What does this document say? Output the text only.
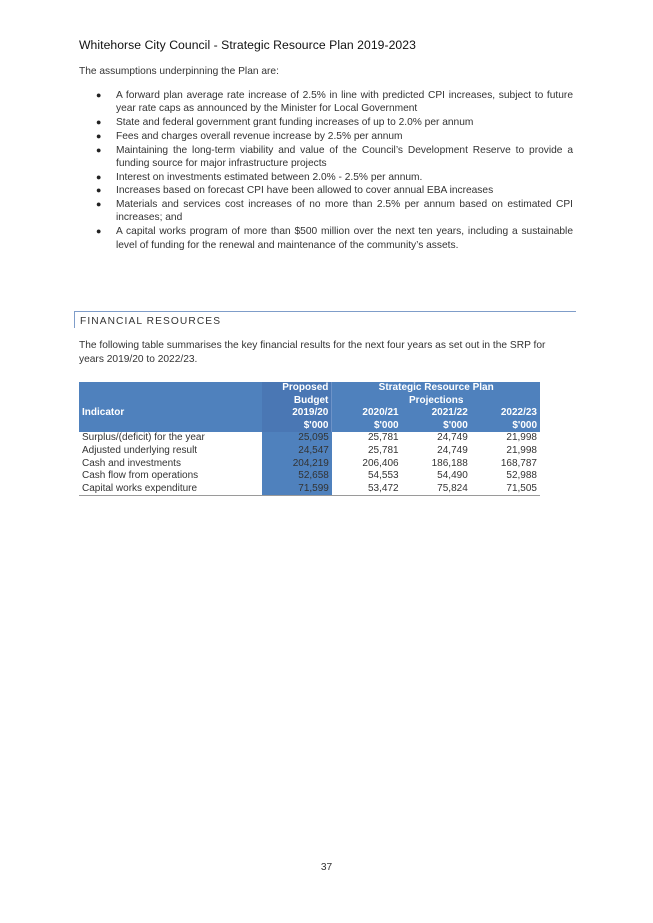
Whitehorse City Council - Strategic Resource Plan 2019-2023
The assumptions underpinning the Plan are:
● A forward plan average rate increase of 2.5% in line with predicted CPI increases, subject to future year rate caps as announced by the Minister for Local Government
● State and federal government grant funding increases of up to 2.0% per annum
● Fees and charges overall revenue increase by 2.5% per annum
● Maintaining the long-term viability and value of the Council’s Development Reserve to provide a funding source for major infrastructure projects
● Interest on investments estimated between 2.0% - 2.5% per annum.
● Increases based on forecast CPI have been allowed to cover annual EBA increases
● Materials and services cost increases of no more than 2.5% per annum based on estimated CPI increases; and
● A capital works program of more than $500 million over the next ten years, including a sustainable level of funding for the renewal and maintenance of the community’s assets.
FINANCIAL RESOURCES
The following table summarises the key financial results for the next four years as set out in the SRP for years 2019/20 to 2022/23.
	Proposed	Strategic Resource Plan		
	Budget	Projections		
Indicator	2019/20	2020/21	2021/22	2022/23
	$'000	$'000	$'000	$'000
Surplus/(deficit) for the year	25,095	25,781	24,749	21,998
Adjusted underlying result	24,547	25,781	24,749	21,998
Cash and investments	204,219	206,406	186,188	168,787
Cash flow from operations	52,658	54,553	54,490	52,988
Capital works expenditure	71,599	53,472	75,824	71,505
37
